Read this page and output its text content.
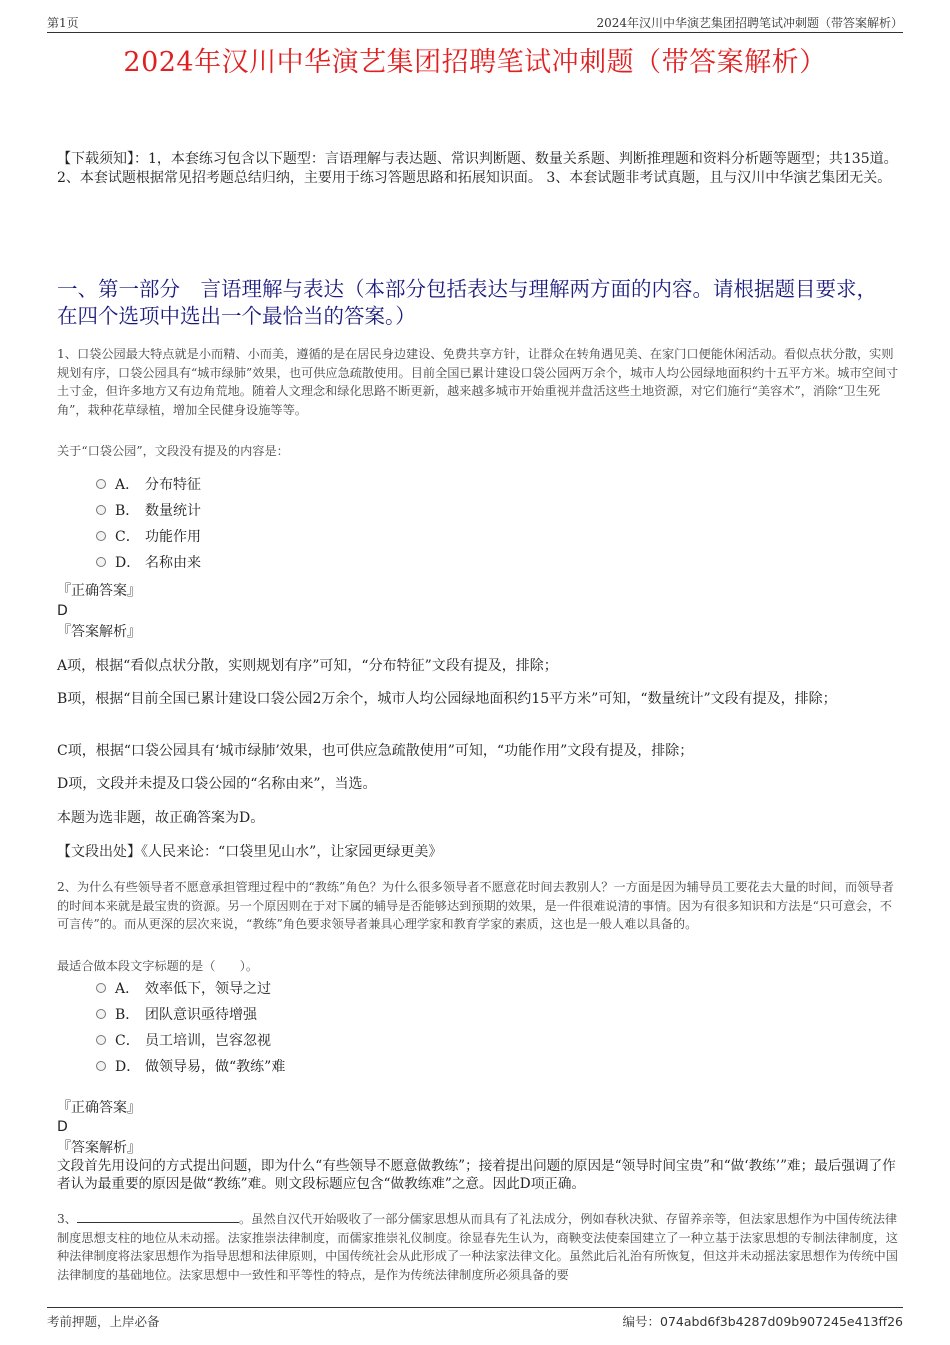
第1页	2024年汉川中华演艺集团招聘笔试冲刺题（带答案解析）
2024年汉川中华演艺集团招聘笔试冲刺题（带答案解析）
【下载须知】：1，本套练习包含以下题型：言语理解与表达题、常识判断题、数量关系题、判断推理题和资料分析题等题型；共135道。 2、本套试题根据常见招考题总结归纳，主要用于练习答题思路和拓展知识面。 3、本套试题非考试真题，且与汉川中华演艺集团无关。
一、第一部分　言语理解与表达（本部分包括表达与理解两方面的内容。请根据题目要求，在四个选项中选出一个最恰当的答案。）
1、口袋公园最大特点就是小而精、小而美，遵循的是在居民身边建设、免费共享方针，让群众在转角遇见美、在家门口便能休闲活动。看似点状分散，实则规划有序，口袋公园具有“城市绿肺”效果，也可供应急疏散使用。目前全国已累计建设口袋公园两万余个，城市人均公园绿地面积约十五平方米。城市空间寸土寸金，但许多地方又有边角荒地。随着人文理念和绿化思路不断更新，越来越多城市开始重视并盘活这些土地资源，对它们施行“美容术”，消除“卫生死角”，栽种花草绿植，增加全民健身设施等等。
关于“口袋公园”，文段没有提及的内容是：
A． 分布特征
B． 数量统计
C． 功能作用
D． 名称由来
『正确答案』
D
『答案解析』
A项，根据“看似点状分散，实则规划有序”可知，“分布特征”文段有提及，排除；
B项，根据“目前全国已累计建设口袋公园2万余个，城市人均公园绿地面积约15平方米”可知，“数量统计”文段有提及，排除；
C项，根据“口袋公园具有‘城市绿肺’效果，也可供应急疏散使用”可知，“功能作用”文段有提及，排除；
D项，文段并未提及口袋公园的“名称由来”，当选。
本题为选非题，故正确答案为D。
【文段出处】《人民来论：“口袋里见山水”，让家园更绿更美》
2、为什么有些领导者不愿意承担管理过程中的“教练”角色？为什么很多领导者不愿意花时间去教别人？一方面是因为辅导员工要花去大量的时间，而领导者的时间本来就是最宝贵的资源。另一个原因则在于对下属的辅导是否能够达到预期的效果，是一件很难说清的事情。因为有很多知识和方法是“只可意会，不可言传”的。而从更深的层次来说，“教练”角色要求领导者兼具心理学家和教育学家的素质，这也是一般人难以具备的。
最适合做本段文字标题的是（　　）。
A． 效率低下，领导之过
B． 团队意识亟待增强
C． 员工培训，岂容忽视
D． 做领导易，做“教练”难
『正确答案』
D
『答案解析』
文段首先用设问的方式提出问题，即为什么“有些领导不愿意做教练”；接着提出问题的原因是“领导时间宝贵”和“做‘教练’”难；最后强调了作者认为最重要的原因是做“教练”难。则文段标题应包含“做教练难”之意。因此D项正确。
3、	。虽然自汉代开始吸收了一部分儒家思想从而具有了礼法成分，例如春秋决狱、存留养亲等，但法家思想作为中国传统法律制度思想支柱的地位从未动摇。法家推崇法律制度，而儒家推崇礼仪制度。徐显春先生认为，商鞅变法使秦国建立了一种立基于法家思想的专制法律制度，这种法律制度将法家思想作为指导思想和法律原则，中国传统社会从此形成了一种法家法律文化。虽然此后礼治有所恢复，但这并未动摇法家思想作为传统中国法律制度的基础地位。法家思想中一致性和平等性的特点，是作为传统法律制度所必须具备的要
考前押题，上岸必备	编号：074abd6f3b4287d09b907245e413ff26
